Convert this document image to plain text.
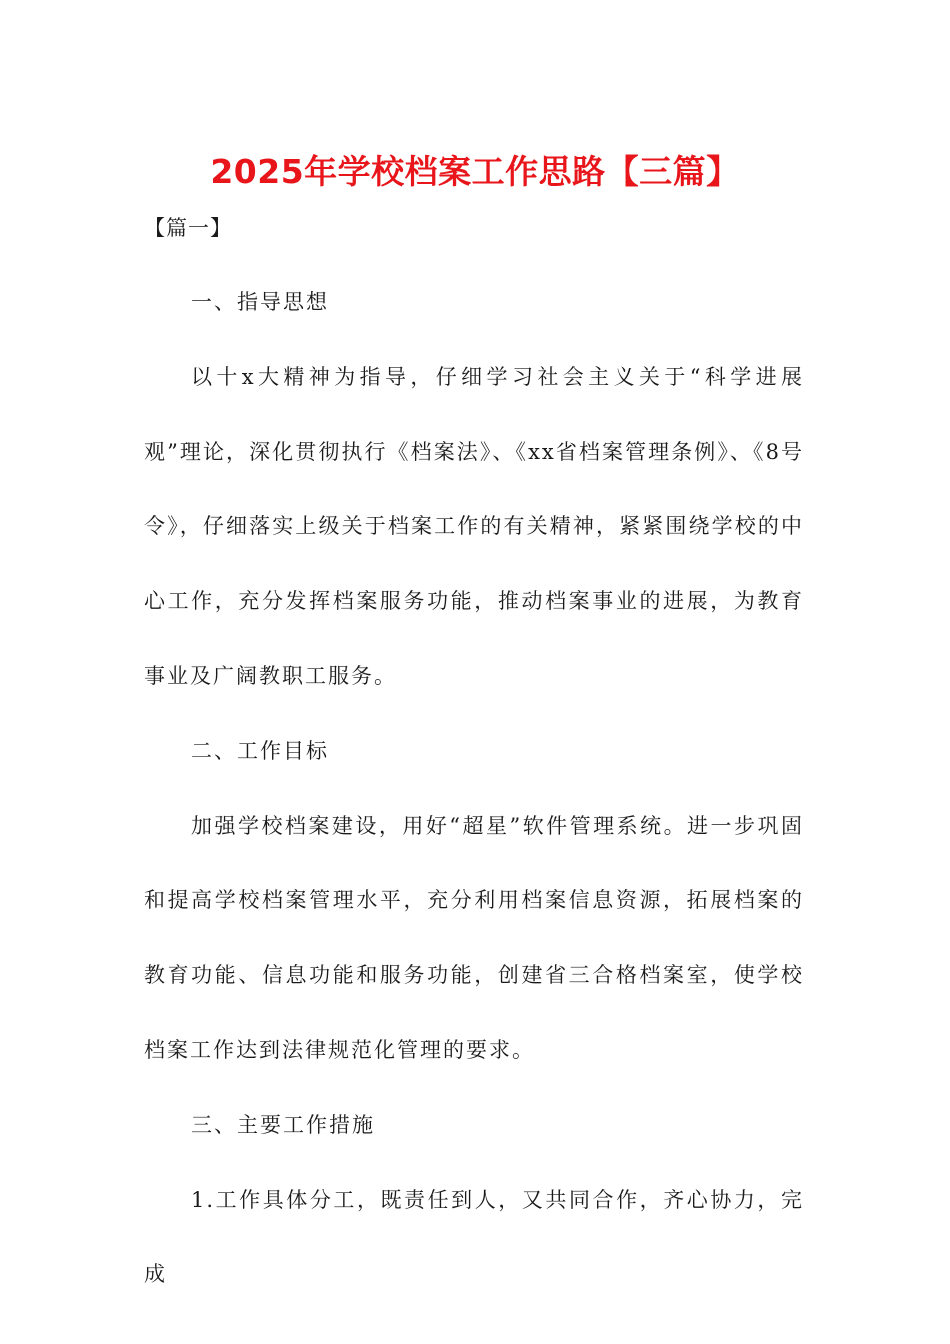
2025年学校档案工作思路【三篇】
【篇一】

一、指导思想

以十x大精神为指导，仔细学习社会主义关于“科学进展观”理论，深化贯彻执行《档案法》、《xx省档案管理条例》、《8号令》，仔细落实上级关于档案工作的有关精神，紧紧围绕学校的中心工作，充分发挥档案服务功能，推动档案事业的进展，为教育事业及广阔教职工服务。

二、工作目标

加强学校档案建设，用好“超星”软件管理系统。进一步巩固和提高学校档案管理水平，充分利用档案信息资源，拓展档案的教育功能、信息功能和服务功能，创建省三合格档案室，使学校档案工作达到法律规范化管理的要求。

三、主要工作措施

1.工作具体分工，既责任到人，又共同合作，齐心协力，完成
